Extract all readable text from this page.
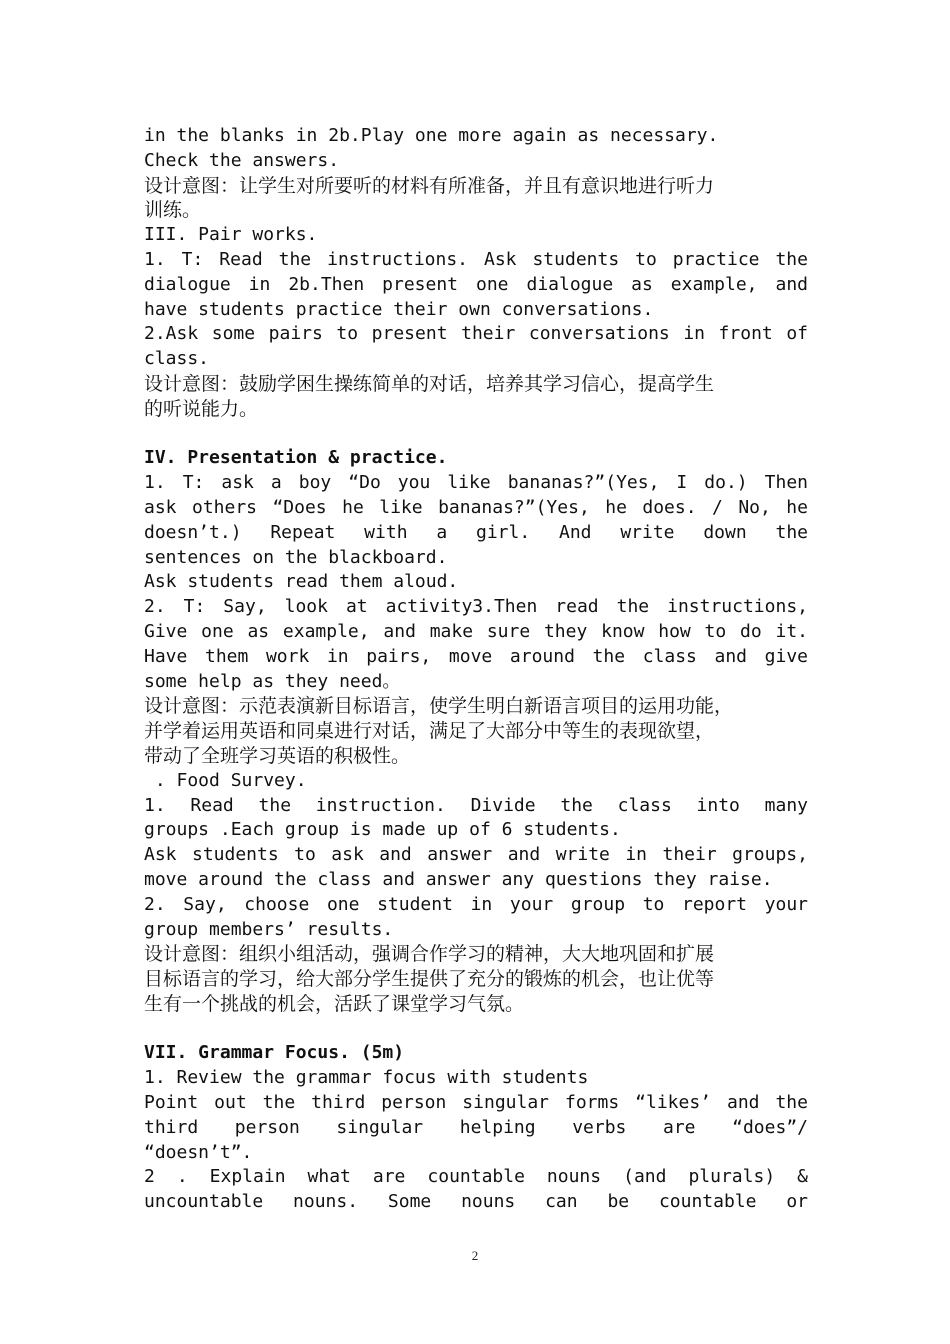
in the blanks in 2b.Play one more again as necessary.
Check the answers.
设计意图：让学生对所要听的材料有所准备，并且有意识地进行听力
训练。
III. Pair works.
1. T: Read the instructions. Ask students to practice the
dialogue in 2b.Then present one dialogue as example, and
have students practice their own conversations.
2.Ask some pairs to present their conversations in front of
class.
设计意图：鼓励学困生操练简单的对话，培养其学习信心，提高学生
的听说能力。
IV. Presentation & practice.
1. T: ask a boy “Do you like bananas?”(Yes, I do.) Then
ask others “Does he like bananas?”(Yes, he does. / No, he
doesn’t.) Repeat with a girl. And write down the
sentences on the blackboard.
Ask students read them aloud.
2. T: Say, look at activity3.Then read the instructions,
Give one as example, and make sure they know how to do it.
Have them work in pairs, move around the class and give
some help as they need。
设计意图：示范表演新目标语言，使学生明白新语言项目的运用功能，
并学着运用英语和同桌进行对话，满足了大部分中等生的表现欲望，
带动了全班学习英语的积极性。
. Food Survey.
1. Read the instruction. Divide the class into many
groups .Each group is made up of 6 students.
Ask students to ask and answer and write in their groups,
move around the class and answer any questions they raise.
2. Say, choose one student in your group to report your
group members’ results.
设计意图：组织小组活动，强调合作学习的精神，大大地巩固和扩展
目标语言的学习，给大部分学生提供了充分的锻炼的机会，也让优等
生有一个挑战的机会，活跃了课堂学习气氛。
VII. Grammar Focus. (5m)
1. Review the grammar focus with students
Point out the third person singular forms “likes’ and the
third person singular helping verbs are “does”/
“doesn’t”.
2 . Explain what are countable nouns (and plurals) &
uncountable nouns. Some nouns can be countable or
2
